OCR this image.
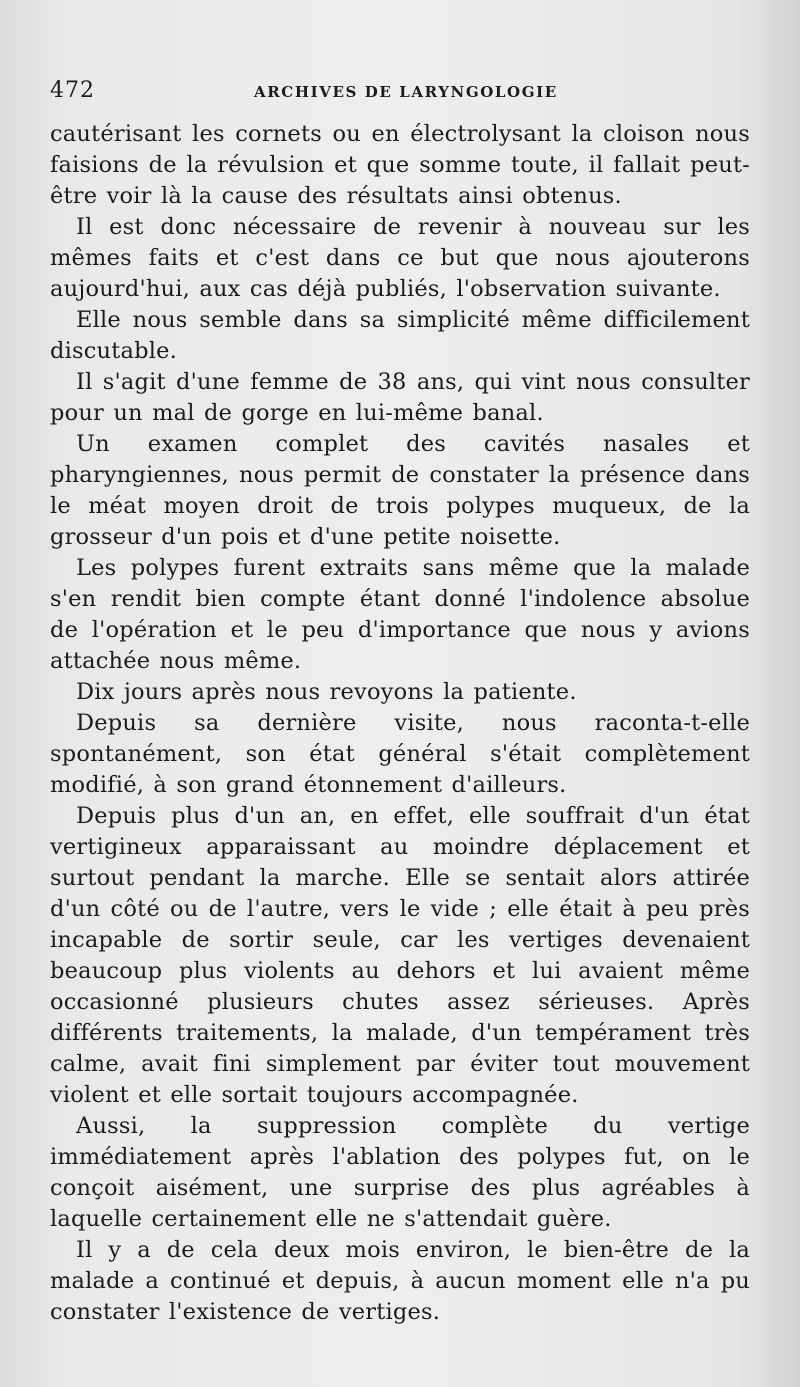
472	ARCHIVES DE LARYNGOLOGIE

cautérisant les cornets ou en électrolysant la cloison nous faisions de la révulsion et que somme toute, il fallait peut-être voir là la cause des résultats ainsi obtenus.

Il est donc nécessaire de revenir à nouveau sur les mêmes faits et c'est dans ce but que nous ajouterons aujourd'hui, aux cas déjà publiés, l'observation suivante.

Elle nous semble dans sa simplicité même difficilement discutable.

Il s'agit d'une femme de 38 ans, qui vint nous consulter pour un mal de gorge en lui-même banal.

Un examen complet des cavités nasales et pharyngiennes, nous permit de constater la présence dans le méat moyen droit de trois polypes muqueux, de la grosseur d'un pois et d'une petite noisette.

Les polypes furent extraits sans même que la malade s'en rendit bien compte étant donné l'indolence absolue de l'opération et le peu d'importance que nous y avions attachée nous même.

Dix jours après nous revoyons la patiente.

Depuis sa dernière visite, nous raconta-t-elle spontanément, son état général s'était complètement modifié, à son grand étonnement d'ailleurs.

Depuis plus d'un an, en effet, elle souffrait d'un état vertigineux apparaissant au moindre déplacement et surtout pendant la marche. Elle se sentait alors attirée d'un côté ou de l'autre, vers le vide ; elle était à peu près incapable de sortir seule, car les vertiges devenaient beaucoup plus violents au dehors et lui avaient même occasionné plusieurs chutes assez sérieuses. Après différents traitements, la malade, d'un tempérament très calme, avait fini simplement par éviter tout mouvement violent et elle sortait toujours accompagnée.

Aussi, la suppression complète du vertige immédiatement après l'ablation des polypes fut, on le conçoit aisément, une surprise des plus agréables à laquelle certainement elle ne s'attendait guère.

Il y a de cela deux mois environ, le bien-être de la malade a continué et depuis, à aucun moment elle n'a pu constater l'existence de vertiges.
